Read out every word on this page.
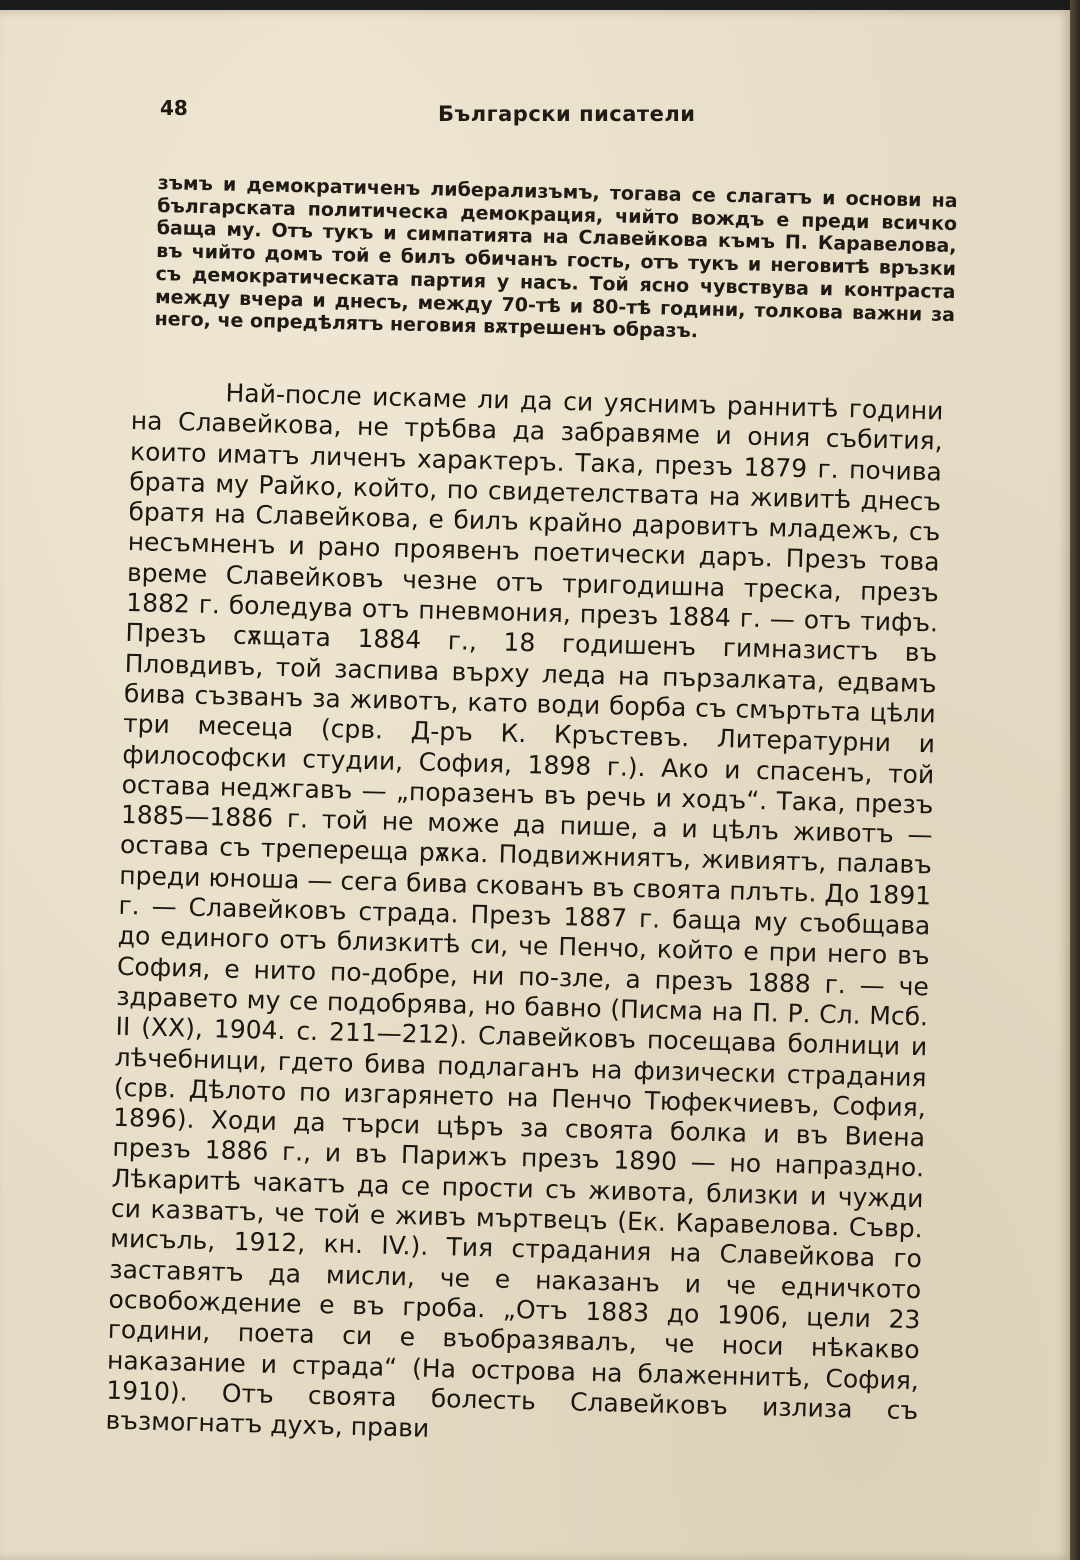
48	Български писатели

зъмъ и демократиченъ либерализъмъ, тогава се слагатъ и основи на българската политическа демокрация, чийто вождъ е преди всичко баща му. Отъ тукъ и симпатията на Славейкова къмъ П. Каравелова, въ чийто домъ той е билъ обичанъ гость, отъ тукъ и неговитѣ връзки съ демократическата партия у насъ. Той ясно чувствува и контраста между вчера и днесъ, между 70-тѣ и 80-тѣ години, толкова важни за него, че опредѣлятъ неговия вѫтрешенъ образъ.

Най-после искаме ли да си уяснимъ раннитѣ години на Славейкова, не трѣбва да забравяме и ония събития, които иматъ личенъ характеръ. Така, презъ 1879 г. почива брата му Райко, който, по свидетелствата на живитѣ днесъ братя на Славейкова, е билъ крайно даровитъ младежъ, съ несъмненъ и рано проявенъ поетически даръ. Презъ това време Славейковъ чезне отъ тригодишна треска, презъ 1882 г. боледува отъ пневмония, презъ 1884 г. — отъ тифъ. Презъ сѫщата 1884 г., 18 годишенъ гимназистъ въ Пловдивъ, той заспива върху леда на пързалката, едвамъ бива съзванъ за животъ, като води борба съ смъртьта цѣли три месеца (срв. Д-ръ К. Кръстевъ. Литературни и философски студии, София, 1898 г.). Ако и спасенъ, той остава неджгавъ — „поразенъ въ речь и ходъ“. Така, презъ 1885—1886 г. той не може да пише, а и цѣлъ животъ — остава съ треперещa рѫка. Подвижниятъ, живиятъ, палавъ преди юноша — сега бива скованъ въ своята плъть. До 1891 г. — Славейковъ страда. Презъ 1887 г. баща му съобщава до единого отъ близкитѣ си, че Пенчо, който е при него въ София, е нито по-добре, ни по-зле, а презъ 1888 г. — че здравето му се подобрява, но бавно (Писма на П. Р. Сл. Мсб. II (XX), 1904. с. 211—212). Славейковъ посещава болници и лѣчебници, гдето бива подлаганъ на физически страдания (срв. Дѣлото по изгарянето на Пенчо Тюфекчиевъ, София, 1896). Ходи да търси цѣръ за своята болка и въ Виена презъ 1886 г., и въ Парижъ презъ 1890 — но напраздно. Лѣкаритѣ чакатъ да се прости съ живота, близки и чужди си казватъ, че той е живъ мъртвецъ (Ек. Каравелова. Съвр. мисъль, 1912, кн. IV.). Тия страдания на Славейкова го заставятъ да мисли, че е наказанъ и че едничкото освобождение е въ гроба. „Отъ 1883 до 1906, цели 23 години, поета си е въобразявалъ, че носи нѣкакво наказание и страда“ (На острова на блаженнитѣ, София, 1910). Отъ своята болесть Славейковъ излиза съ възмогнатъ духъ, прави
